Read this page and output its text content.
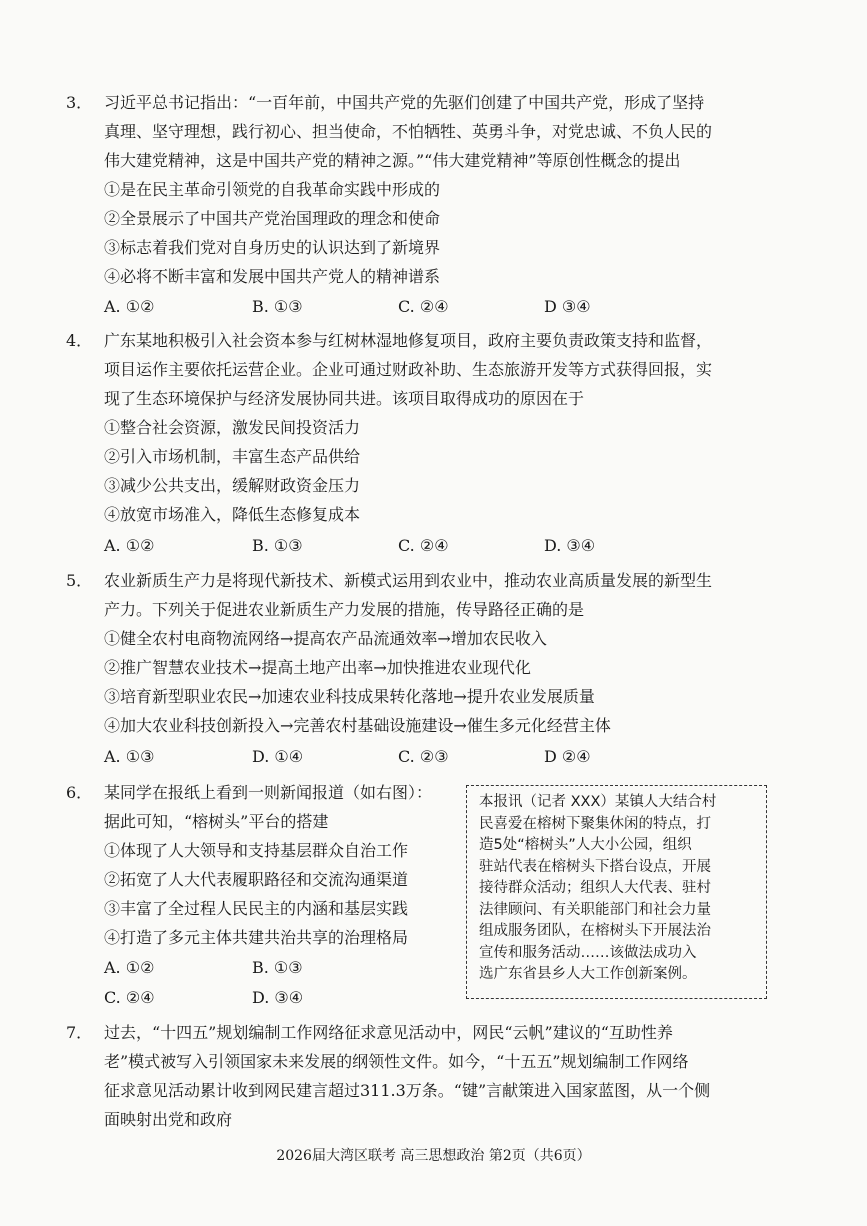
3． 习近平总书记指出：“一百年前，中国共产党的先驱们创建了中国共产党，形成了坚持
真理、坚守理想，践行初心、担当使命，不怕牺牲、英勇斗争，对党忠诚、不负人民的
伟大建党精神，这是中国共产党的精神之源。”“伟大建党精神”等原创性概念的提出
①是在民主革命引领党的自我革命实践中形成的
②全景展示了中国共产党治国理政的理念和使命
③标志着我们党对自身历史的认识达到了新境界
④必将不断丰富和发展中国共产党人的精神谱系
A. ①②	B. ①③	C. ②④	D ③④
4． 广东某地积极引入社会资本参与红树林湿地修复项目，政府主要负责政策支持和监督，
项目运作主要依托运营企业。企业可通过财政补助、生态旅游开发等方式获得回报，实
现了生态环境保护与经济发展协同共进。该项目取得成功的原因在于
①整合社会资源，激发民间投资活力
②引入市场机制，丰富生态产品供给
③减少公共支出，缓解财政资金压力
④放宽市场准入，降低生态修复成本
A. ①②	B. ①③	C. ②④	D. ③④
5． 农业新质生产力是将现代新技术、新模式运用到农业中，推动农业高质量发展的新型生
产力。下列关于促进农业新质生产力发展的措施，传导路径正确的是
①健全农村电商物流网络→提高农产品流通效率→增加农民收入
②推广智慧农业技术→提高土地产出率→加快推进农业现代化
③培育新型职业农民→加速农业科技成果转化落地→提升农业发展质量
④加大农业科技创新投入→完善农村基础设施建设→催生多元化经营主体
A. ①③	D. ①④	C. ②③	D ②④
6． 某同学在报纸上看到一则新闻报道（如右图）：
据此可知，“榕树头”平台的搭建
①体现了人大领导和支持基层群众自治工作
②拓宽了人大代表履职路径和交流沟通渠道
③丰富了全过程人民民主的内涵和基层实践
④打造了多元主体共建共治共享的治理格局
A. ①②	B. ①③
C. ②④	D. ③④
本报讯（记者 XXX）某镇人大结合村
民喜爱在榕树下聚集休闲的特点，打
造5处“榕树头”人大小公园，组织
驻站代表在榕树头下搭台设点，开展
接待群众活动；组织人大代表、驻村
法律顾问、有关职能部门和社会力量
组成服务团队，在榕树头下开展法治
宣传和服务活动……该做法成功入
选广东省县乡人大工作创新案例。
7． 过去，“十四五”规划编制工作网络征求意见活动中，网民“云帆”建议的“互助性养
老”模式被写入引领国家未来发展的纲领性文件。如今，“十五五”规划编制工作网络
征求意见活动累计收到网民建言超过311.3万条。“键”言献策进入国家蓝图，从一个侧
面映射出党和政府
2026届大湾区联考 高三思想政治 第2页（共6页）
